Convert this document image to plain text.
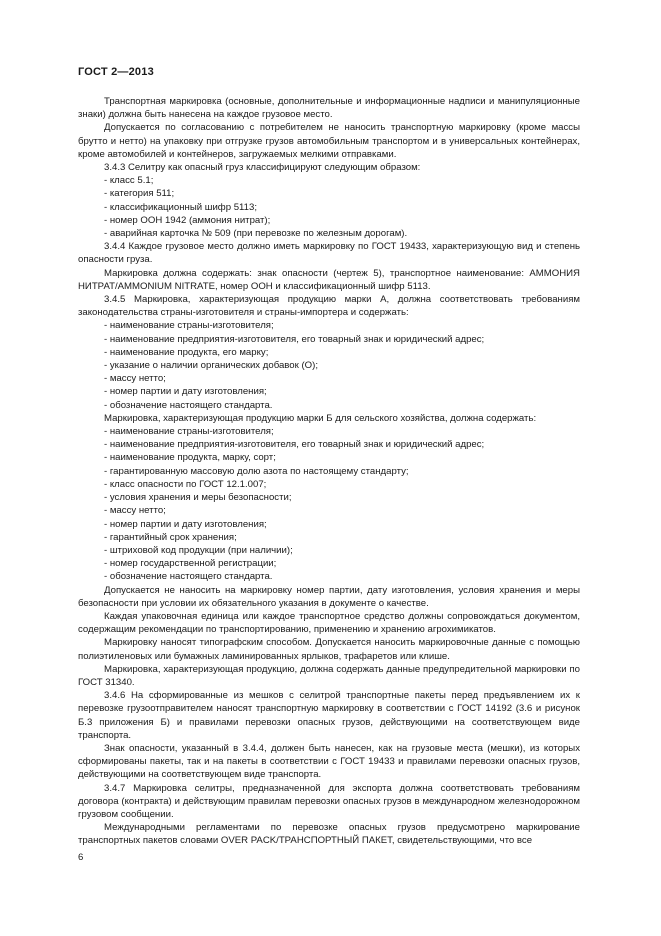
ГОСТ 2—2013

Транспортная маркировка (основные, дополнительные и информационные надписи и манипуляционные знаки) должна быть нанесена на каждое грузовое место.

Допускается по согласованию с потребителем не наносить транспортную маркировку (кроме массы брутто и нетто) на упаковку при отгрузке грузов автомобильным транспортом и в универсальных контейнерах, кроме автомобилей и контейнеров, загружаемых мелкими отправками.

3.4.3 Селитру как опасный груз классифицируют следующим образом:

- класс 5.1;

- категория 511;

- классификационный шифр 5113;

- номер ООН 1942 (аммония нитрат);

- аварийная карточка № 509 (при перевозке по железным дорогам).

3.4.4 Каждое грузовое место должно иметь маркировку по ГОСТ 19433, характеризующую вид и степень опасности груза.

Маркировка должна содержать: знак опасности (чертеж 5), транспортное наименование: АММОНИЯ НИТРАТ/AMMONIUM NITRATE, номер ООН и классификационный шифр 5113.

3.4.5 Маркировка, характеризующая продукцию марки А, должна соответствовать требованиям законодательства страны-изготовителя и страны-импортера и содержать:

- наименование страны-изготовителя;

- наименование предприятия-изготовителя, его товарный знак и юридический адрес;

- наименование продукта, его марку;

- указание о наличии органических добавок (О);

- массу нетто;

- номер партии и дату изготовления;

- обозначение настоящего стандарта.

Маркировка, характеризующая продукцию марки Б для сельского хозяйства, должна содержать:

- наименование страны-изготовителя;

- наименование предприятия-изготовителя, его товарный знак и юридический адрес;

- наименование продукта, марку, сорт;

- гарантированную массовую долю азота по настоящему стандарту;

- класс опасности по ГОСТ 12.1.007;

- условия хранения и меры безопасности;

- массу нетто;

- номер партии и дату изготовления;

- гарантийный срок хранения;

- штриховой код продукции (при наличии);

- номер государственной регистрации;

- обозначение настоящего стандарта.

Допускается не наносить на маркировку номер партии, дату изготовления, условия хранения и меры безопасности при условии их обязательного указания в документе о качестве.

Каждая упаковочная единица или каждое транспортное средство должны сопровождаться документом, содержащим рекомендации по транспортированию, применению и хранению агрохимикатов.

Маркировку наносят типографским способом. Допускается наносить маркировочные данные с помощью полиэтиленовых или бумажных ламинированных ярлыков, трафаретов или клише.

Маркировка, характеризующая продукцию, должна содержать данные предупредительной маркировки по ГОСТ 31340.

3.4.6 На сформированные из мешков с селитрой транспортные пакеты перед предъявлением их к перевозке грузоотправителем наносят транспортную маркировку в соответствии с ГОСТ 14192 (3.6 и рисунок Б.3 приложения Б) и правилами перевозки опасных грузов, действующими на соответствующем виде транспорта.

Знак опасности, указанный в 3.4.4, должен быть нанесен, как на грузовые места (мешки), из которых сформированы пакеты, так и на пакеты в соответствии с ГОСТ 19433 и правилами перевозки опасных грузов, действующими на соответствующем виде транспорта.

3.4.7 Маркировка селитры, предназначенной для экспорта должна соответствовать требованиям договора (контракта) и действующим правилам перевозки опасных грузов в международном железнодорожном грузовом сообщении.

Международными регламентами по перевозке опасных грузов предусмотрено маркирование транспортных пакетов словами OVER PACK/ТРАНСПОРТНЫЙ ПАКЕТ, свидетельствующими, что все

6
